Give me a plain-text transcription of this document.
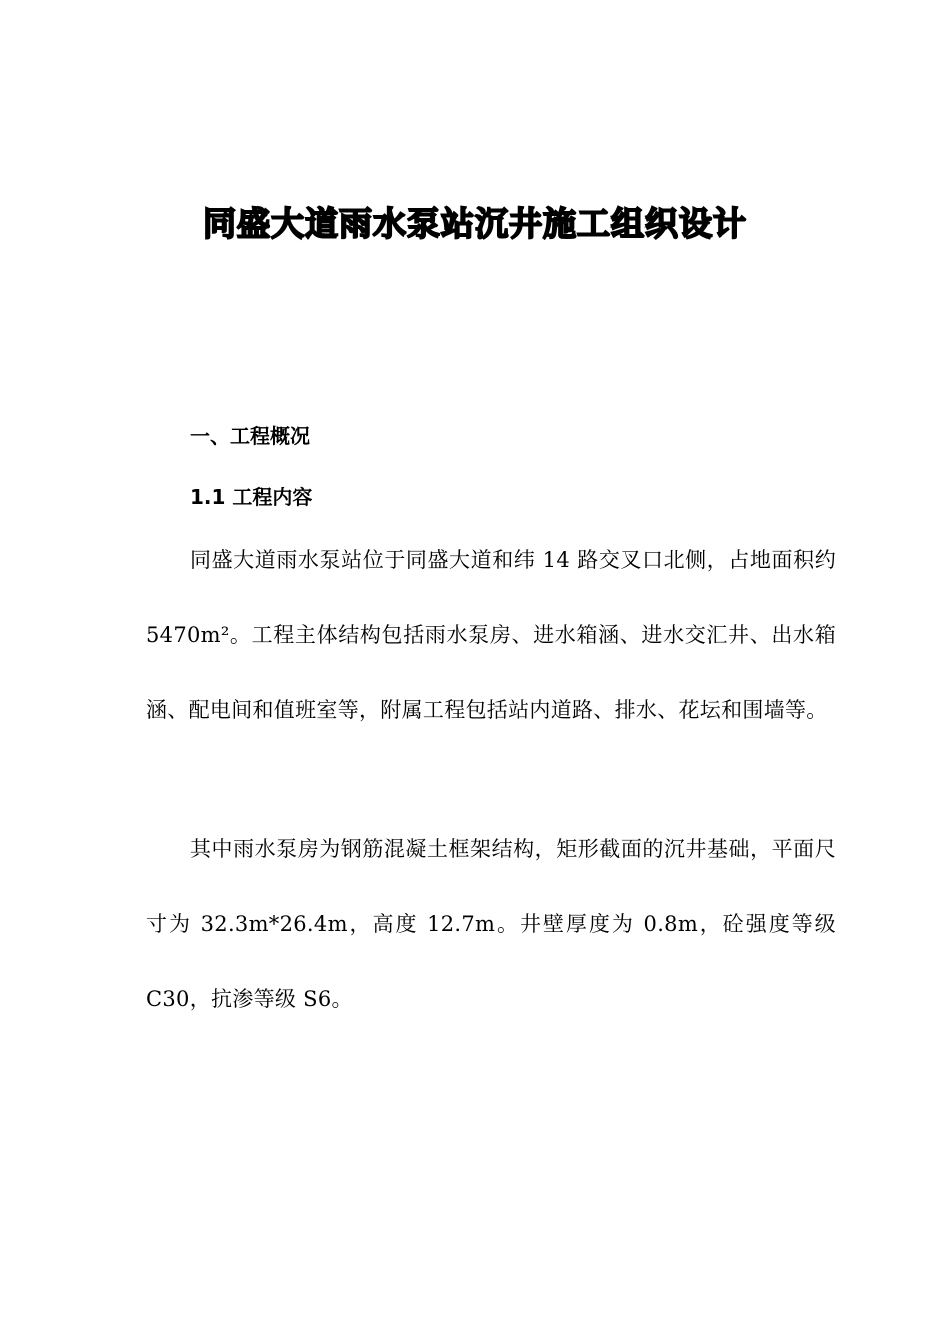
同盛大道雨水泵站沉井施工组织设计
一、工程概况
1.1 工程内容

同盛大道雨水泵站位于同盛大道和纬 14 路交叉口北侧，占地面积约 5470m²。工程主体结构包括雨水泵房、进水箱涵、进水交汇井、出水箱涵、配电间和值班室等，附属工程包括站内道路、排水、花坛和围墙等。

其中雨水泵房为钢筋混凝土框架结构，矩形截面的沉井基础，平面尺寸为 32.3m*26.4m，高度 12.7m。井壁厚度为 0.8m，砼强度等级 C30，抗渗等级 S6。
